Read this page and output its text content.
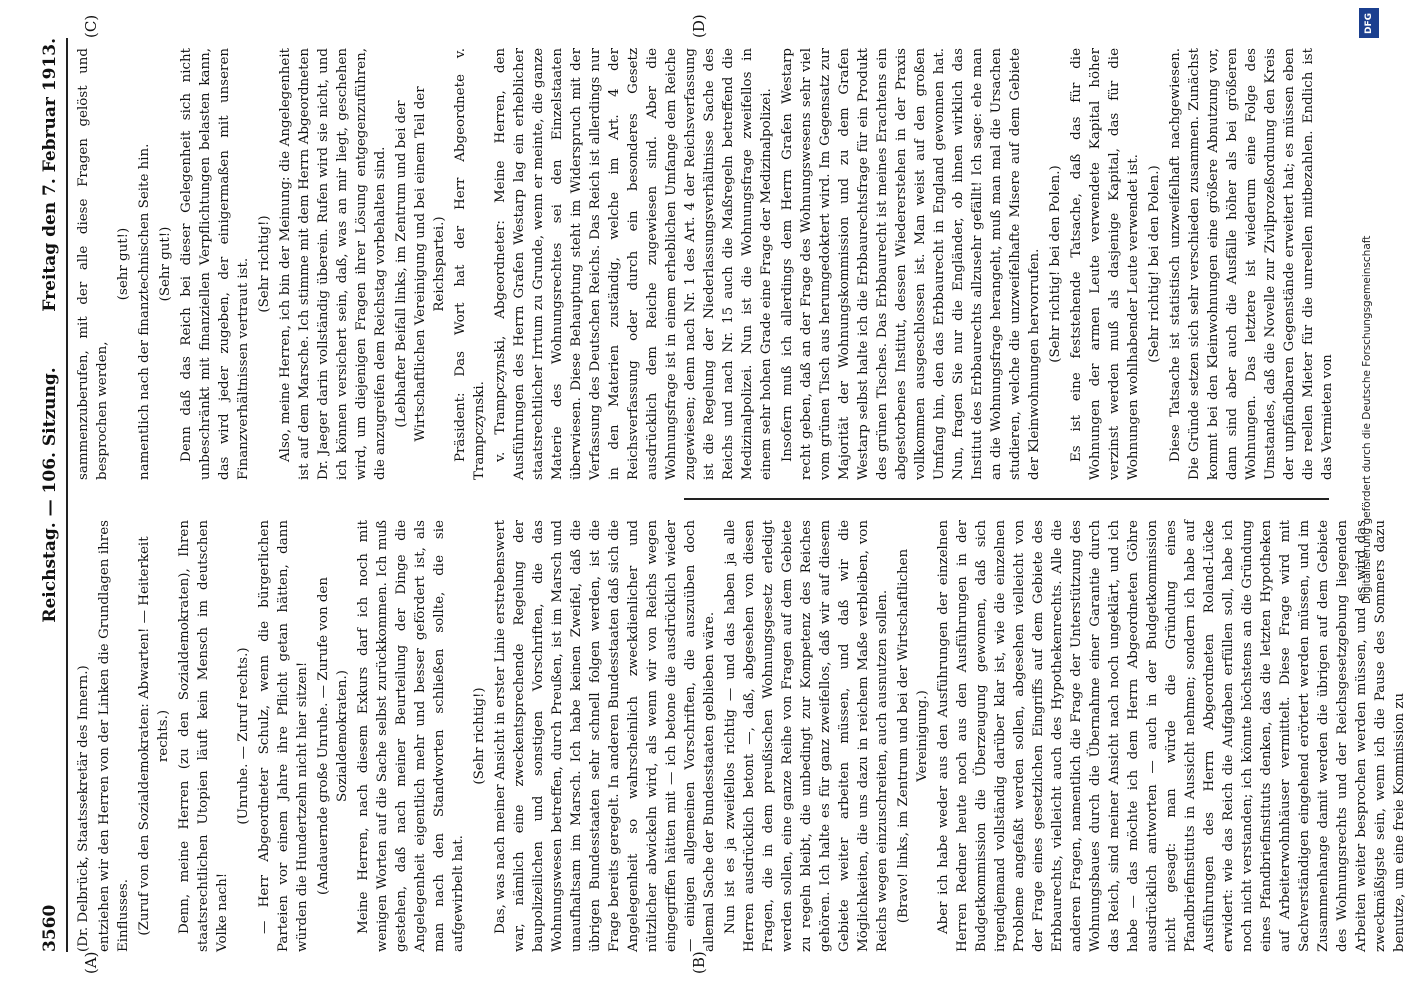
3560
Reichstag. — 106. Sitzung.
Freitag den 7. Februar 1913.
(A)	(B)
(C)	(D)

(Dr. Delbrück, Staatssekretär des Innern.) entziehen wir den Herren von der Linken die Grundlagen ihres Einflusses. (Zuruf von den Sozialdemokraten: Abwarten! — Heiterkeit rechts.) Denn, meine Herren (zu den Sozialdemokraten), Ihren staatsrechtlichen Utopien läuft kein Mensch im deutschen Volke nach!

(Unruhe. — Zuruf rechts.) — Herr Abgeordneter Schulz, wenn die bürgerlichen Parteien vor einem Jahre ihre Pflicht getan hätten, dann würden die Hundertzehn nicht hier sitzen! (Andauernde große Unruhe. — Zurufe von den Sozialdemokraten.) Meine Herren, nach diesem Exkurs darf ich noch mit wenigen Worten auf die Sache selbst zurückkommen. Ich muß gestehen, daß nach meiner Beurteilung der Dinge die Angelegenheit eigentlich mehr und besser gefördert ist, als man nach den Standworten schließen sollte, die sie aufgewirbelt hat.

(Sehr richtig!) Das, was nach meiner Ansicht in erster Linie erstrebenswert war, nämlich eine zweckentsprechende Regelung der baupolizeilichen und sonstigen Vorschriften, die das Wohnungswesen betreffen, durch Preußen, ist im Marsch und unaufhaltsam im Marsch. Ich habe keinen Zweifel, daß die übrigen Bundesstaaten sehr schnell folgen werden, ist die Frage bereits geregelt. In anderen Bundesstaaten daß sich die Angelegenheit so wahrscheinlich zweckdienlicher und nützlicher abwickeln wird, als wenn wir von Reichs wegen eingegriffen hätten mit — ich betone die ausdrücklich wieder — einigen allgemeinen Vorschriften, die auszuüben doch allemal Sache der Bundesstaaten geblieben wäre. Nun ist es ja zweifellos richtig — und das haben ja alle Herren ausdrücklich betont —, daß, abgesehen von diesen Fragen, die in dem preußischen Wohnungsgesetz erledigt werden sollen, eine ganze Reihe von Fragen auf dem Gebiete zu regeln bleibt, die unbedingt zur Kompetenz des Reiches gehören. Ich halte es für ganz zweifellos, daß wir auf diesem Gebiete weiter arbeiten müssen, und daß wir die Möglichkeiten, die uns dazu in reichem Maße verbleiben, von Reichs wegen einzuschreiten, auch ausnutzen sollen. (Bravo! links, im Zentrum und bei der Wirtschaftlichen Vereinigung.) Aber ich habe weder aus den Ausführungen der einzelnen Herren Redner heute noch aus den Ausführungen in der Budgetkommission die Überzeugung gewonnen, daß sich irgendjemand vollständig darüber klar ist, wie die einzelnen Probleme angefaßt werden sollen, abgesehen vielleicht von der Frage eines gesetzlichen Eingriffs auf dem Gebiete des Erbbaurechts, vielleicht auch des Hypothekenrechts. Alle die anderen Fragen, namentlich die Frage der Unterstützung des Wohnungsbaues durch die Übernahme einer Garantie durch das Reich, sind meiner Ansicht nach noch ungeklärt, und ich habe — das möchte ich dem Herrn Abgeordneten Göhre ausdrücklich antworten — auch in der Budgetkommission nicht gesagt: man würde die Gründung eines Pfandbriefinstituts in Aussicht nehmen; sondern ich habe auf Ausführungen des Herrn Abgeordneten Roland-Lücke erwidert: wie das Reich die Aufgaben erfüllen soll, habe ich noch nicht verstanden; ich könnte höchstens an die Gründung eines Pfandbriefinstituts denken, das die letzten Hypotheken auf Arbeiterwohnhäuser vermittelt. Diese Frage wird mit Sachverständigen eingehend erörtert werden müssen, und im Zusammenhange damit werden die übrigen auf dem Gebiete des Wohnungsrechts und der Reichsgesetzgebung liegenden Arbeiten weiter besprochen werden müssen, und es wird das zweckmäßigste sein, wenn ich die Pause des Sommers dazu benutze, um eine freie Kommission zu

sammenzuberufen, mit der alle diese Fragen gelöst und besprochen werden,

(sehr gut!) namentlich nach der finanztechnischen Seite hin. (Sehr gut!) Denn daß das Reich bei dieser Gelegenheit sich nicht unbeschränkt mit finanziellen Verpflichtungen belasten kann, das wird jeder zugeben, der einigermaßen mit unseren Finanzverhältnissen vertraut ist. (Sehr richtig!) Also, meine Herren, ich bin der Meinung: die Angelegenheit ist auf dem Marsche. Ich stimme mit dem Herrn Abgeordneten Dr. Jaeger darin vollständig überein. Rufen wird sie nicht, und ich können versichert sein, daß, was an mir liegt, geschehen wird, um diejenigen Fragen ihrer Lösung entgegenzuführen, die anzugreifen dem Reichstag vorbehalten sind. (Lebhafter Beifall links, im Zentrum und bei der Wirtschaftlichen Vereinigung und bei einem Teil der Reichspartei.) Präsident: Das Wort hat der Herr Abgeordnete v. Trampczynski. v. Trampczynski, Abgeordneter: Meine Herren, den Ausführungen des Herrn Grafen Westarp lag ein erheblicher staatsrechtlicher Irrtum zu Grunde, wenn er meinte, die ganze Materie des Wohnungsrechtes sei den Einzelstaaten überwiesen. Diese Behauptung steht im Widerspruch mit der Verfassung des Deutschen Reichs. Das Reich ist allerdings nur in den Materien zuständig, welche im Art. 4 der Reichsverfassung oder durch ein besonderes Gesetz ausdrücklich dem Reiche zugewiesen sind. Aber die Wohnungsfrage ist in einem erheblichen Umfange dem Reiche zugewiesen; denn nach Nr. 1 des Art. 4 der Reichsverfassung ist die Regelung der Niederlassungsverhältnisse Sache des Reichs und nach Nr. 15 auch die Maßregeln betreffend die Medizinalpolizei. Nun ist die Wohnungsfrage zweifellos in einem sehr hohen Grade eine Frage der Medizinalpolizei. Insofern muß ich allerdings dem Herrn Grafen Westarp recht geben, daß an der Frage des Wohnungswesens sehr viel vom grünen Tisch aus herumgedoktert wird. Im Gegensatz zur Majorität der Wohnungskommission und zu dem Grafen Westarp selbst halte ich die Erbbaurechtsfrage für ein Produkt des grünen Tisches. Das Erbbaurecht ist meines Erachtens ein abgestorbenes Institut, dessen Wiedererstehen in der Praxis vollkommen ausgeschlossen ist. Man weist auf den großen Umfang hin, den das Erbbaurecht in England gewonnen hat. Nun, fragen Sie nur die Engländer, ob ihnen wirklich das Institut des Erbbaurechts allzusehr gefällt! Ich sage: ehe man an die Wohnungsfrage herangeht, muß man mal die Ursachen studieren, welche die unzweifelhafte Misere auf dem Gebiete der Kleinwohnungen hervorrufen. (Sehr richtig! bei den Polen.) Es ist eine feststehende Tatsache, daß das für die Wohnungen der armen Leute verwendete Kapital höher verzinst werden muß als dasjenige Kapital, das für die Wohnungen wohlhabender Leute verwendet ist. (Sehr richtig! bei den Polen.) Diese Tatsache ist statistisch unzweifelhaft nachgewiesen. Die Gründe setzen sich sehr verschieden zusammen. Zunächst kommt bei den Kleinwohnungen eine größere Abnutzung vor, dann sind aber auch die Ausfälle höher als bei größeren Wohnungen. Das letztere ist wiederum eine Folge des Umstandes, daß die Novelle zur Zivilprozeßordnung den Kreis der unpfändbaren Gegenstände erweitert hat; es müssen eben die reellen Mieter für die unreellen mitbezahlen. Endlich ist das Vermieten von

DFG
Digitalisierung gefördert durch die Deutsche Forschungsgemeinschaft
